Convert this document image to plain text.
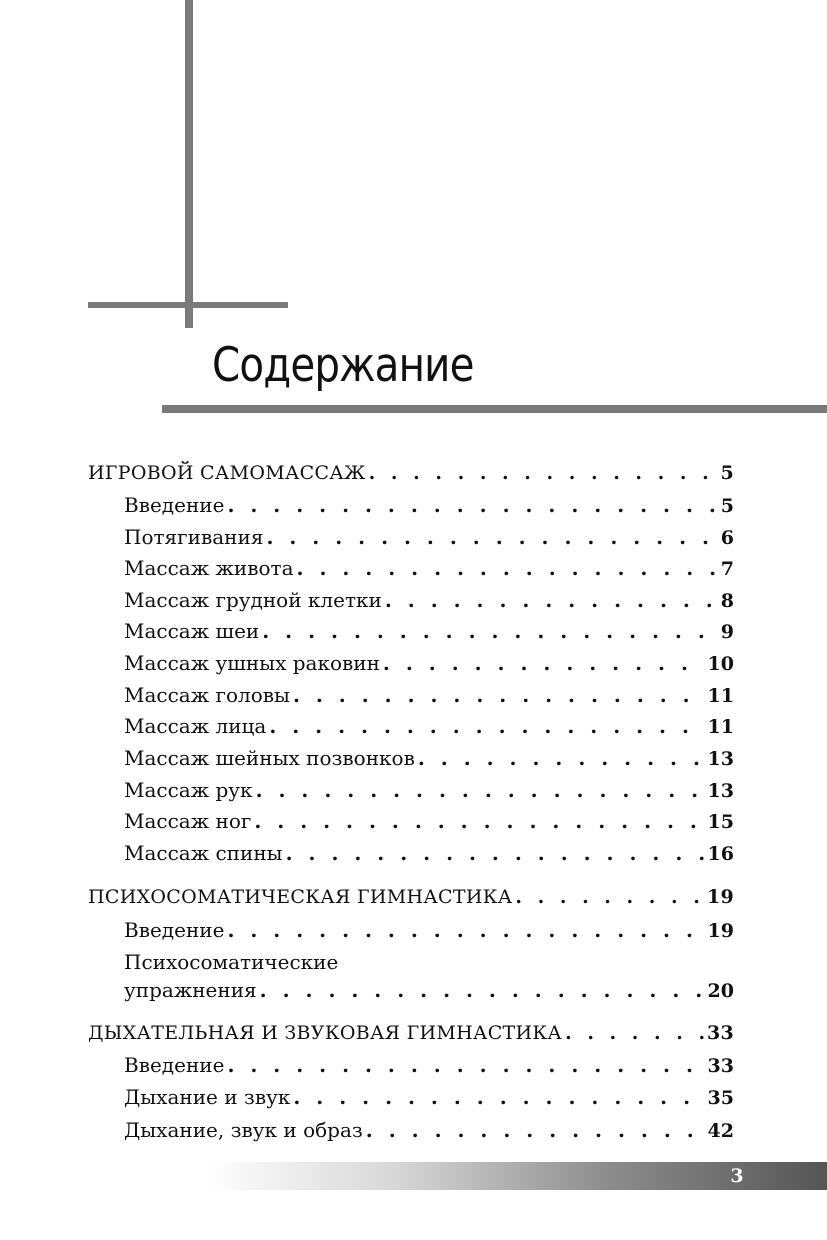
Содержание
ИГРОВОЙ САМОМАССАЖ . . .	5
Введение . . .	5
Потягивания . . .	6
Массаж живота . . .	7
Массаж грудной клетки . . .	8
Массаж шеи . . .	9
Массаж ушных раковин . . .	10
Массаж головы . . .	11
Массаж лица . . .	11
Массаж шейных позвонков . . .	13
Массаж рук . . .	13
Массаж ног . . .	15
Массаж спины . . .	16
ПСИХОСОМАТИЧЕСКАЯ ГИМНАСТИКА . . .	19
Введение . . .	19
Психосоматические
упражнения . . .	20
ДЫХАТЕЛЬНАЯ И ЗВУКОВАЯ ГИМНАСТИКА . . .	33
Введение . . .	33
Дыхание и звук . . .	35
Дыхание, звук и образ . . .	42
3
